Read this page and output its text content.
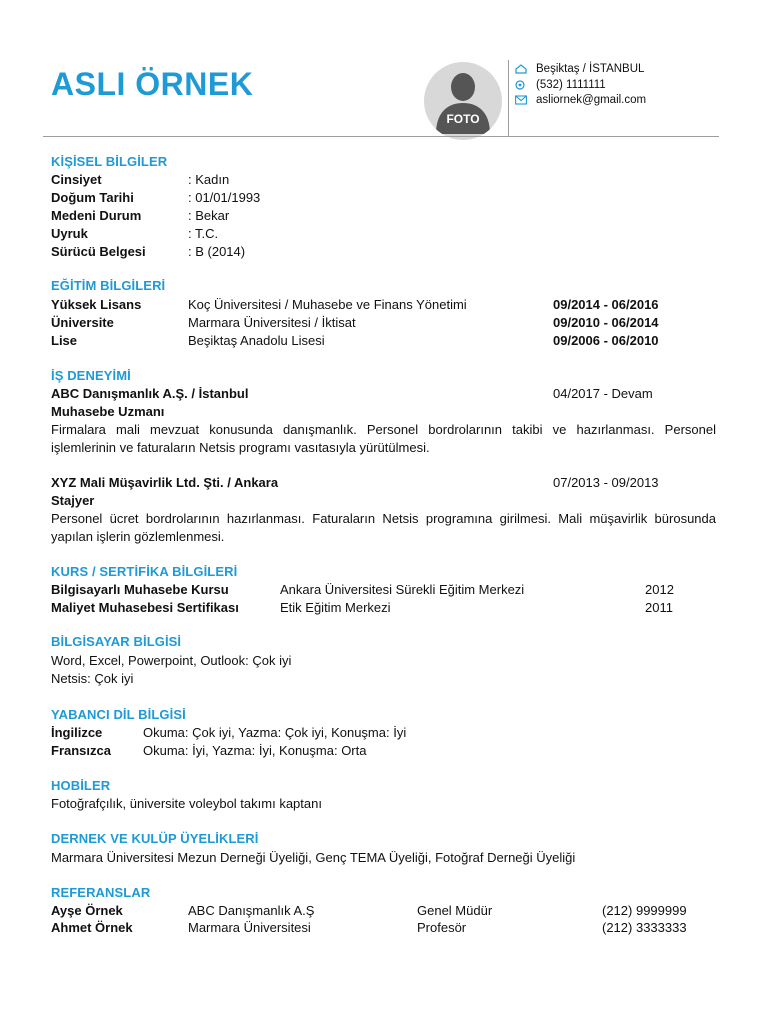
ASLI ÖRNEK
FOTO
Beşiktaş / İSTANBUL
(532) 1111111
asliornek@gmail.com
KİŞİSEL BİLGİLER
Cinsiyet	: Kadın
Doğum Tarihi	: 01/01/1993
Medeni Durum	: Bekar
Uyruk	: T.C.
Sürücü Belgesi	: B (2014)
EĞİTİM BİLGİLERİ
Yüksek Lisans	Koç Üniversitesi / Muhasebe ve Finans Yönetimi	09/2014 - 06/2016
Üniversite	Marmara Üniversitesi / İktisat	09/2010 - 06/2014
Lise	Beşiktaş Anadolu Lisesi	09/2006 - 06/2010
İŞ DENEYİMİ
ABC Danışmanlık A.Ş. / İstanbul	04/2017 - Devam
Muhasebe Uzmanı
Firmalara mali mevzuat konusunda danışmanlık. Personel bordrolarının takibi ve hazırlanması. Personel işlemlerinin ve faturaların Netsis programı vasıtasıyla yürütülmesi.
XYZ Mali Müşavirlik Ltd. Şti. / Ankara	07/2013 - 09/2013
Stajyer
Personel ücret bordrolarının hazırlanması. Faturaların Netsis programına girilmesi. Mali müşavirlik bürosunda yapılan işlerin gözlemlenmesi.
KURS / SERTİFİKA BİLGİLERİ
Bilgisayarlı Muhasebe Kursu	Ankara Üniversitesi Sürekli Eğitim Merkezi	2012
Maliyet Muhasebesi Sertifikası	Etik Eğitim Merkezi	2011
BİLGİSAYAR BİLGİSİ
Word, Excel, Powerpoint, Outlook: Çok iyi
Netsis: Çok iyi
YABANCI DİL BİLGİSİ
İngilizce	Okuma: Çok iyi, Yazma: Çok iyi, Konuşma: İyi
Fransızca Okuma: İyi, Yazma: İyi, Konuşma: Orta
HOBİLER
Fotoğrafçılık, üniversite voleybol takımı kaptanı
DERNEK VE KULÜP ÜYELİKLERİ
Marmara Üniversitesi Mezun Derneği Üyeliği, Genç TEMA Üyeliği, Fotoğraf Derneği Üyeliği
REFERANSLAR
Ayşe Örnek	ABC Danışmanlık A.Ş	Genel Müdür	(212) 9999999
Ahmet Örnek	Marmara Üniversitesi	Profesör	(212) 3333333
